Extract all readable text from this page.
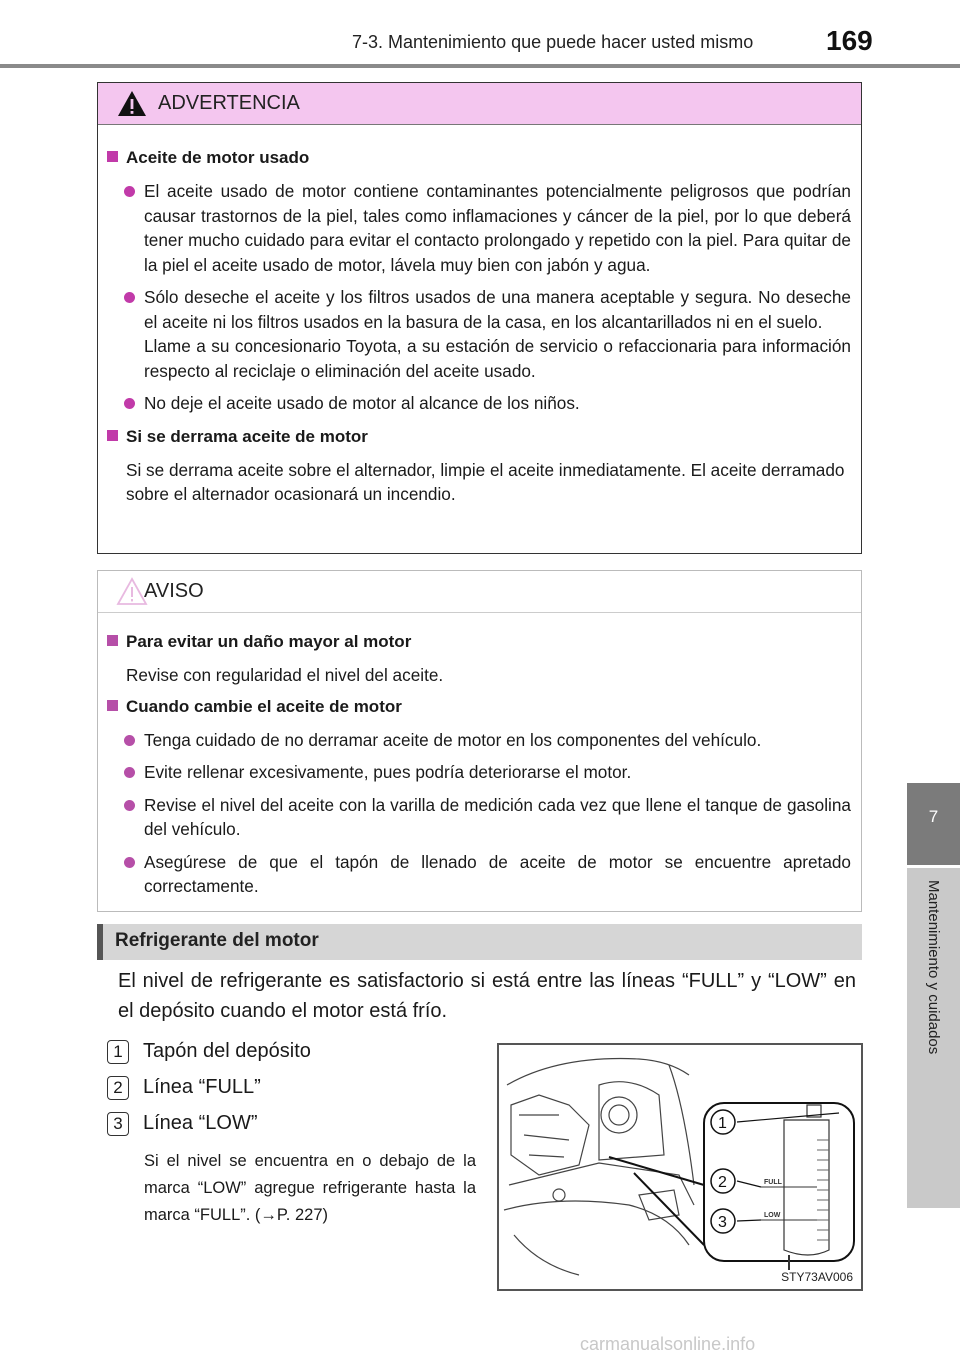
7-3. Mantenimiento que puede hacer usted mismo	169
7
Mantenimiento y cuidados
ADVERTENCIA
Aceite de motor usado
El aceite usado de motor contiene contaminantes potencialmente peligrosos que podrían causar trastornos de la piel, tales como inflamaciones y cáncer de la piel, por lo que deberá tener mucho cuidado para evitar el contacto prolongado y repetido con la piel. Para quitar de la piel el aceite usado de motor, lávela muy bien con jabón y agua.
Sólo deseche el aceite y los filtros usados de una manera aceptable y segura. No deseche el aceite ni los filtros usados en la basura de la casa, en los alcantarillados ni en el suelo.
Llame a su concesionario Toyota, a su estación de servicio o refaccionaria para información respecto al reciclaje o eliminación del aceite usado.
No deje el aceite usado de motor al alcance de los niños.
Si se derrama aceite de motor
Si se derrama aceite sobre el alternador, limpie el aceite inmediatamente. El aceite derramado sobre el alternador ocasionará un incendio.
AVISO
Para evitar un daño mayor al motor
Revise con regularidad el nivel del aceite.
Cuando cambie el aceite de motor
Tenga cuidado de no derramar aceite de motor en los componentes del vehículo.
Evite rellenar excesivamente, pues podría deteriorarse el motor.
Revise el nivel del aceite con la varilla de medición cada vez que llene el tanque de gasolina del vehículo.
Asegúrese de que el tapón de llenado de aceite de motor se encuentre apretado correctamente.
Refrigerante del motor
El nivel de refrigerante es satisfactorio si está entre las líneas “FULL” y “LOW” en el depósito cuando el motor está frío.
1	Tapón del depósito
2	Línea “FULL”
3	Línea “LOW”
Si el nivel se encuentra en o debajo de la marca “LOW” agregue refrigerante hasta la marca “FULL”. (→P. 227)
1
2
3
FULL
LOW
STY73AV006
carmanualsonline.info
